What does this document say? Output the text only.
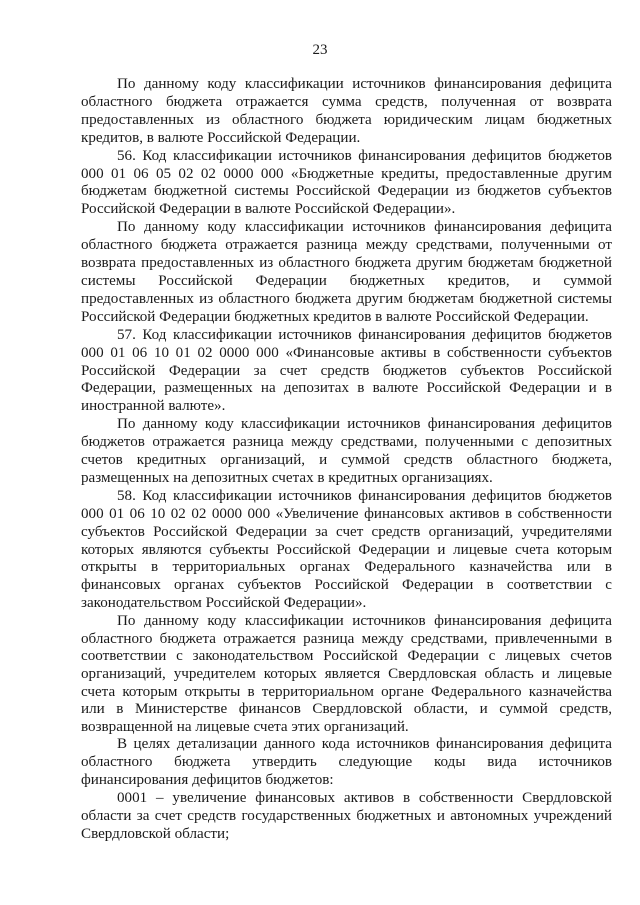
23

По данному коду классификации источников финансирования дефицита областного бюджета отражается сумма средств, полученная от возврата предоставленных из областного бюджета юридическим лицам бюджетных кредитов, в валюте Российской Федерации.

56. Код классификации источников финансирования дефицитов бюджетов 000 01 06 05 02 02 0000 000 «Бюджетные кредиты, предоставленные другим бюджетам бюджетной системы Российской Федерации из бюджетов субъектов Российской Федерации в валюте Российской Федерации».

По данному коду классификации источников финансирования дефицита областного бюджета отражается разница между средствами, полученными от возврата предоставленных из областного бюджета другим бюджетам бюджетной системы Российской Федерации бюджетных кредитов, и суммой предоставленных из областного бюджета другим бюджетам бюджетной системы Российской Федерации бюджетных кредитов в валюте Российской Федерации.

57. Код классификации источников финансирования дефицитов бюджетов 000 01 06 10 01 02 0000 000 «Финансовые активы в собственности субъектов Российской Федерации за счет средств бюджетов субъектов Российской Федерации, размещенных на депозитах в валюте Российской Федерации и в иностранной валюте».

По данному коду классификации источников финансирования дефицитов бюджетов отражается разница между средствами, полученными с депозитных счетов кредитных организаций, и суммой средств областного бюджета, размещенных на депозитных счетах в кредитных организациях.

58. Код классификации источников финансирования дефицитов бюджетов 000 01 06 10 02 02 0000 000 «Увеличение финансовых активов в собственности субъектов Российской Федерации за счет средств организаций, учредителями которых являются субъекты Российской Федерации и лицевые счета которым открыты в территориальных органах Федерального казначейства или в финансовых органах субъектов Российской Федерации в соответствии с законодательством Российской Федерации».

По данному коду классификации источников финансирования дефицита областного бюджета отражается разница между средствами, привлеченными в соответствии с законодательством Российской Федерации с лицевых счетов организаций, учредителем которых является Свердловская область и лицевые счета которым открыты в территориальном органе Федерального казначейства или в Министерстве финансов Свердловской области, и суммой средств, возвращенной на лицевые счета этих организаций.

В целях детализации данного кода источников финансирования дефицита областного бюджета утвердить следующие коды вида источников финансирования дефицитов бюджетов:

0001 – увеличение финансовых активов в собственности Свердловской области за счет средств государственных бюджетных и автономных учреждений Свердловской области;
